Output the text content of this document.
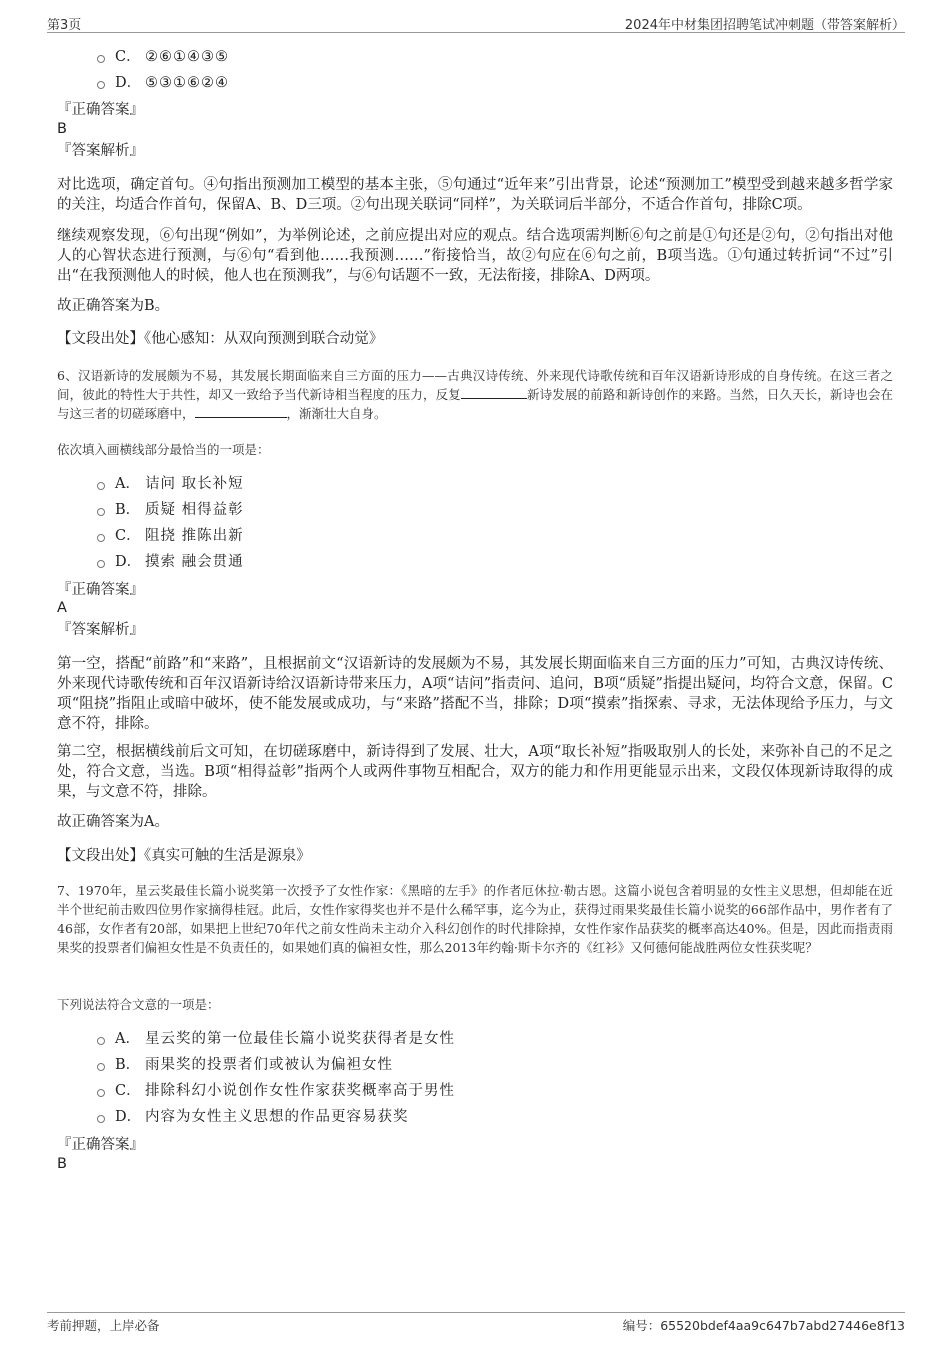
第3页	2024年中材集团招聘笔试冲刺题（带答案解析）
C． ②⑥①④③⑤
D． ⑤③①⑥②④
『正确答案』
B
『答案解析』
对比选项，确定首句。④句指出预测加工模型的基本主张，⑤句通过“近年来”引出背景，论述“预测加工”模型受到越来越多哲学家的关注，均适合作首句，保留A、B、D三项。②句出现关联词“同样”，为关联词后半部分，不适合作首句，排除C项。
继续观察发现，⑥句出现“例如”，为举例论述，之前应提出对应的观点。结合选项需判断⑥句之前是①句还是②句，②句指出对他人的心智状态进行预测，与⑥句“看到他……我预测……”衔接恰当，故②句应在⑥句之前，B项当选。①句通过转折词“不过”引出“在我预测他人的时候，他人也在预测我”，与⑥句话题不一致，无法衔接，排除A、D两项。
故正确答案为B。
【文段出处】《他心感知：从双向预测到联合动觉》
6、汉语新诗的发展颇为不易，其发展长期面临来自三方面的压力——古典汉诗传统、外来现代诗歌传统和百年汉语新诗形成的自身传统。在这三者之间，彼此的特性大于共性，却又一致给予当代新诗相当程度的压力，反复	新诗发展的前路和新诗创作的来路。当然，日久天长，新诗也会在与这三者的切磋琢磨中，	，渐渐壮大自身。
依次填入画横线部分最恰当的一项是：
A． 诘问 取长补短
B． 质疑 相得益彰
C． 阻挠 推陈出新
D． 摸索 融会贯通
『正确答案』
A
『答案解析』
第一空，搭配“前路”和“来路”，且根据前文“汉语新诗的发展颇为不易，其发展长期面临来自三方面的压力”可知，古典汉诗传统、外来现代诗歌传统和百年汉语新诗给汉语新诗带来压力，A项“诘问”指责问、追问，B项“质疑”指提出疑问，均符合文意，保留。C项“阻挠”指阻止或暗中破坏，使不能发展或成功，与“来路”搭配不当，排除；D项“摸索”指探索、寻求，无法体现给予压力，与文意不符，排除。
第二空，根据横线前后文可知，在切磋琢磨中，新诗得到了发展、壮大，A项“取长补短”指吸取别人的长处，来弥补自己的不足之处，符合文意，当选。B项“相得益彰”指两个人或两件事物互相配合，双方的能力和作用更能显示出来，文段仅体现新诗取得的成果，与文意不符，排除。
故正确答案为A。
【文段出处】《真实可触的生活是源泉》
7、1970年，星云奖最佳长篇小说奖第一次授予了女性作家：《黑暗的左手》的作者厄休拉·勒古恩。这篇小说包含着明显的女性主义思想，但却能在近半个世纪前击败四位男作家摘得桂冠。此后，女性作家得奖也并不是什么稀罕事，迄今为止，获得过雨果奖最佳长篇小说奖的66部作品中，男作者有了46部，女作者有20部，如果把上世纪70年代之前女性尚未主动介入科幻创作的时代排除掉，女性作家作品获奖的概率高达40%。但是，因此而指责雨果奖的投票者们偏袒女性是不负责任的，如果她们真的偏袒女性，那么2013年约翰·斯卡尔齐的《红衫》又何德何能战胜两位女性获奖呢？
下列说法符合文意的一项是：
A． 星云奖的第一位最佳长篇小说奖获得者是女性
B． 雨果奖的投票者们或被认为偏袒女性
C． 排除科幻小说创作女性作家获奖概率高于男性
D． 内容为女性主义思想的作品更容易获奖
『正确答案』
B
考前押题，上岸必备	编号：65520bdef4aa9c647b7abd27446e8f13
